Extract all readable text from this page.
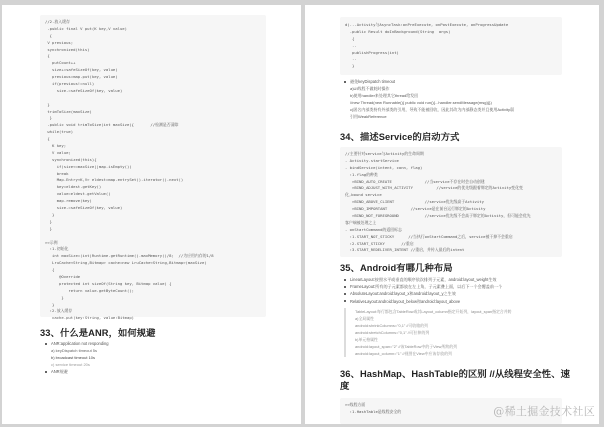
//2.放入缓存
-public final V put(K key,V value)
{
V previous;
synchronized(this)
{
putCount++
size+=safeSizeOf(key, value)
previous=map.put(key, value)
if(previous!=null)
size-=safeSizeOf(key, value)
}
trimToSize(maxSize)
}
-public void trimToSize(int maxSize){       //检测是否清除
while(true)
{
K key;
V value;
synchronized(this){
if(size<=maxSize||map.isEmpty())
break
Map.Entry<K,V> eldest=map.entrySet().iterator().next()
key=eldest.getKey()
value=eldest.getValue()
map.remove(key)
size-=safeSizeOf(key, value)
}
}
}
>>示例
:1.初始化
int maxSize=(int)Runtime.getRuntime().maxMemory()/8;  //为应用内存的1/8
LruCache<String,Bitmap> cache=new LruCache<String,Bitmap>(maxSize)
{
@Override
protected int sizeOf(String key, Bitmap value) {
return value.getByteCount();
}
}
:2.放入缓存
cache.put(key:String, value:Bitmap)
33、什么是ANR，如何规避
ANR:application not responding
a) keyDispatch timeout 5s
b) broadcast timeout 10s
c) service timeout 20s
ANR规避
d)...Activity与AsyncTask:onPreExecute, onPostExecute, onProgressUpdate
-public Result doInBackground(String  args)
{
..
publishProgress(int)
..
}
避免keyDispatch timeout
a)UI线程不做耗时操作
b)使用handler来处理其它thread给发回
//new Thread(new Runnable(){ public void run(){...handler.sendMessage(msg)}})
c)匿名内部类持有外部类的引用，导致不能被回收，因此其改为内部静态类并且使用Activity弱
引用WeakReference
34、描述Service的启动方式
//主要针对service与Activity的生命周期
- Activity.startService
- bindService(intent, conn, flag)
:1.flag的种类
>BIND_AUTO_CREATE              //当service不存在时会自动创建
>BIND_ADJUST_WITH_ACTIVITY          //service的优先级跟着绑定的Activity变化变
化,bound service
>BIND_ABOVE_CLIENT             //service优先级高于Activity
>BIND_IMPORTANT          //service是在前台运行绑定的Activity
>BIND_NOT_FOREGROUND           //service优先级不会高于绑定的Activity，但可能会优先
客户端被处理之上
- onStartCommand的返回标志
:1.START_NOT_STICKY      //当执行onStartCommand之后，service被干掉不会重启
:2.START_STICKY       //重启
:3.START_REDELIVER_INTENT //重启，并传入最后的intent
35、Android有哪几种布局
LinearLayout:按照水平或垂直的顺序依次排列子元素，android:layout_weight生效
FrameLayout:所有的子元素都放在左上角，子元素叠上面，以后下一个会覆盖前一个
AbsoluteLayout:android:layout_x和android:layout_y之生效
RelativeLayout:android:layout_below和android:layout_above
TableLayout:每行都包含TableRow或其Layout_column指定开始列，layout_span指定合并跨
a)全局属性
android:shrinkColumns="0,1" //可收缩的列
android:stretchColumns="0,1" //可拉伸的列
b)单元格属性
android:layout_span="2" //该TableRow中的子View所跨的列
android:layout_column="1" //视图在View中应该存放的列
36、HashMap、HashTable的区别 //从线程安全性、速
度
>>线程方面
:1.HashTable是线程安全的	@稀土掘金技术社区
